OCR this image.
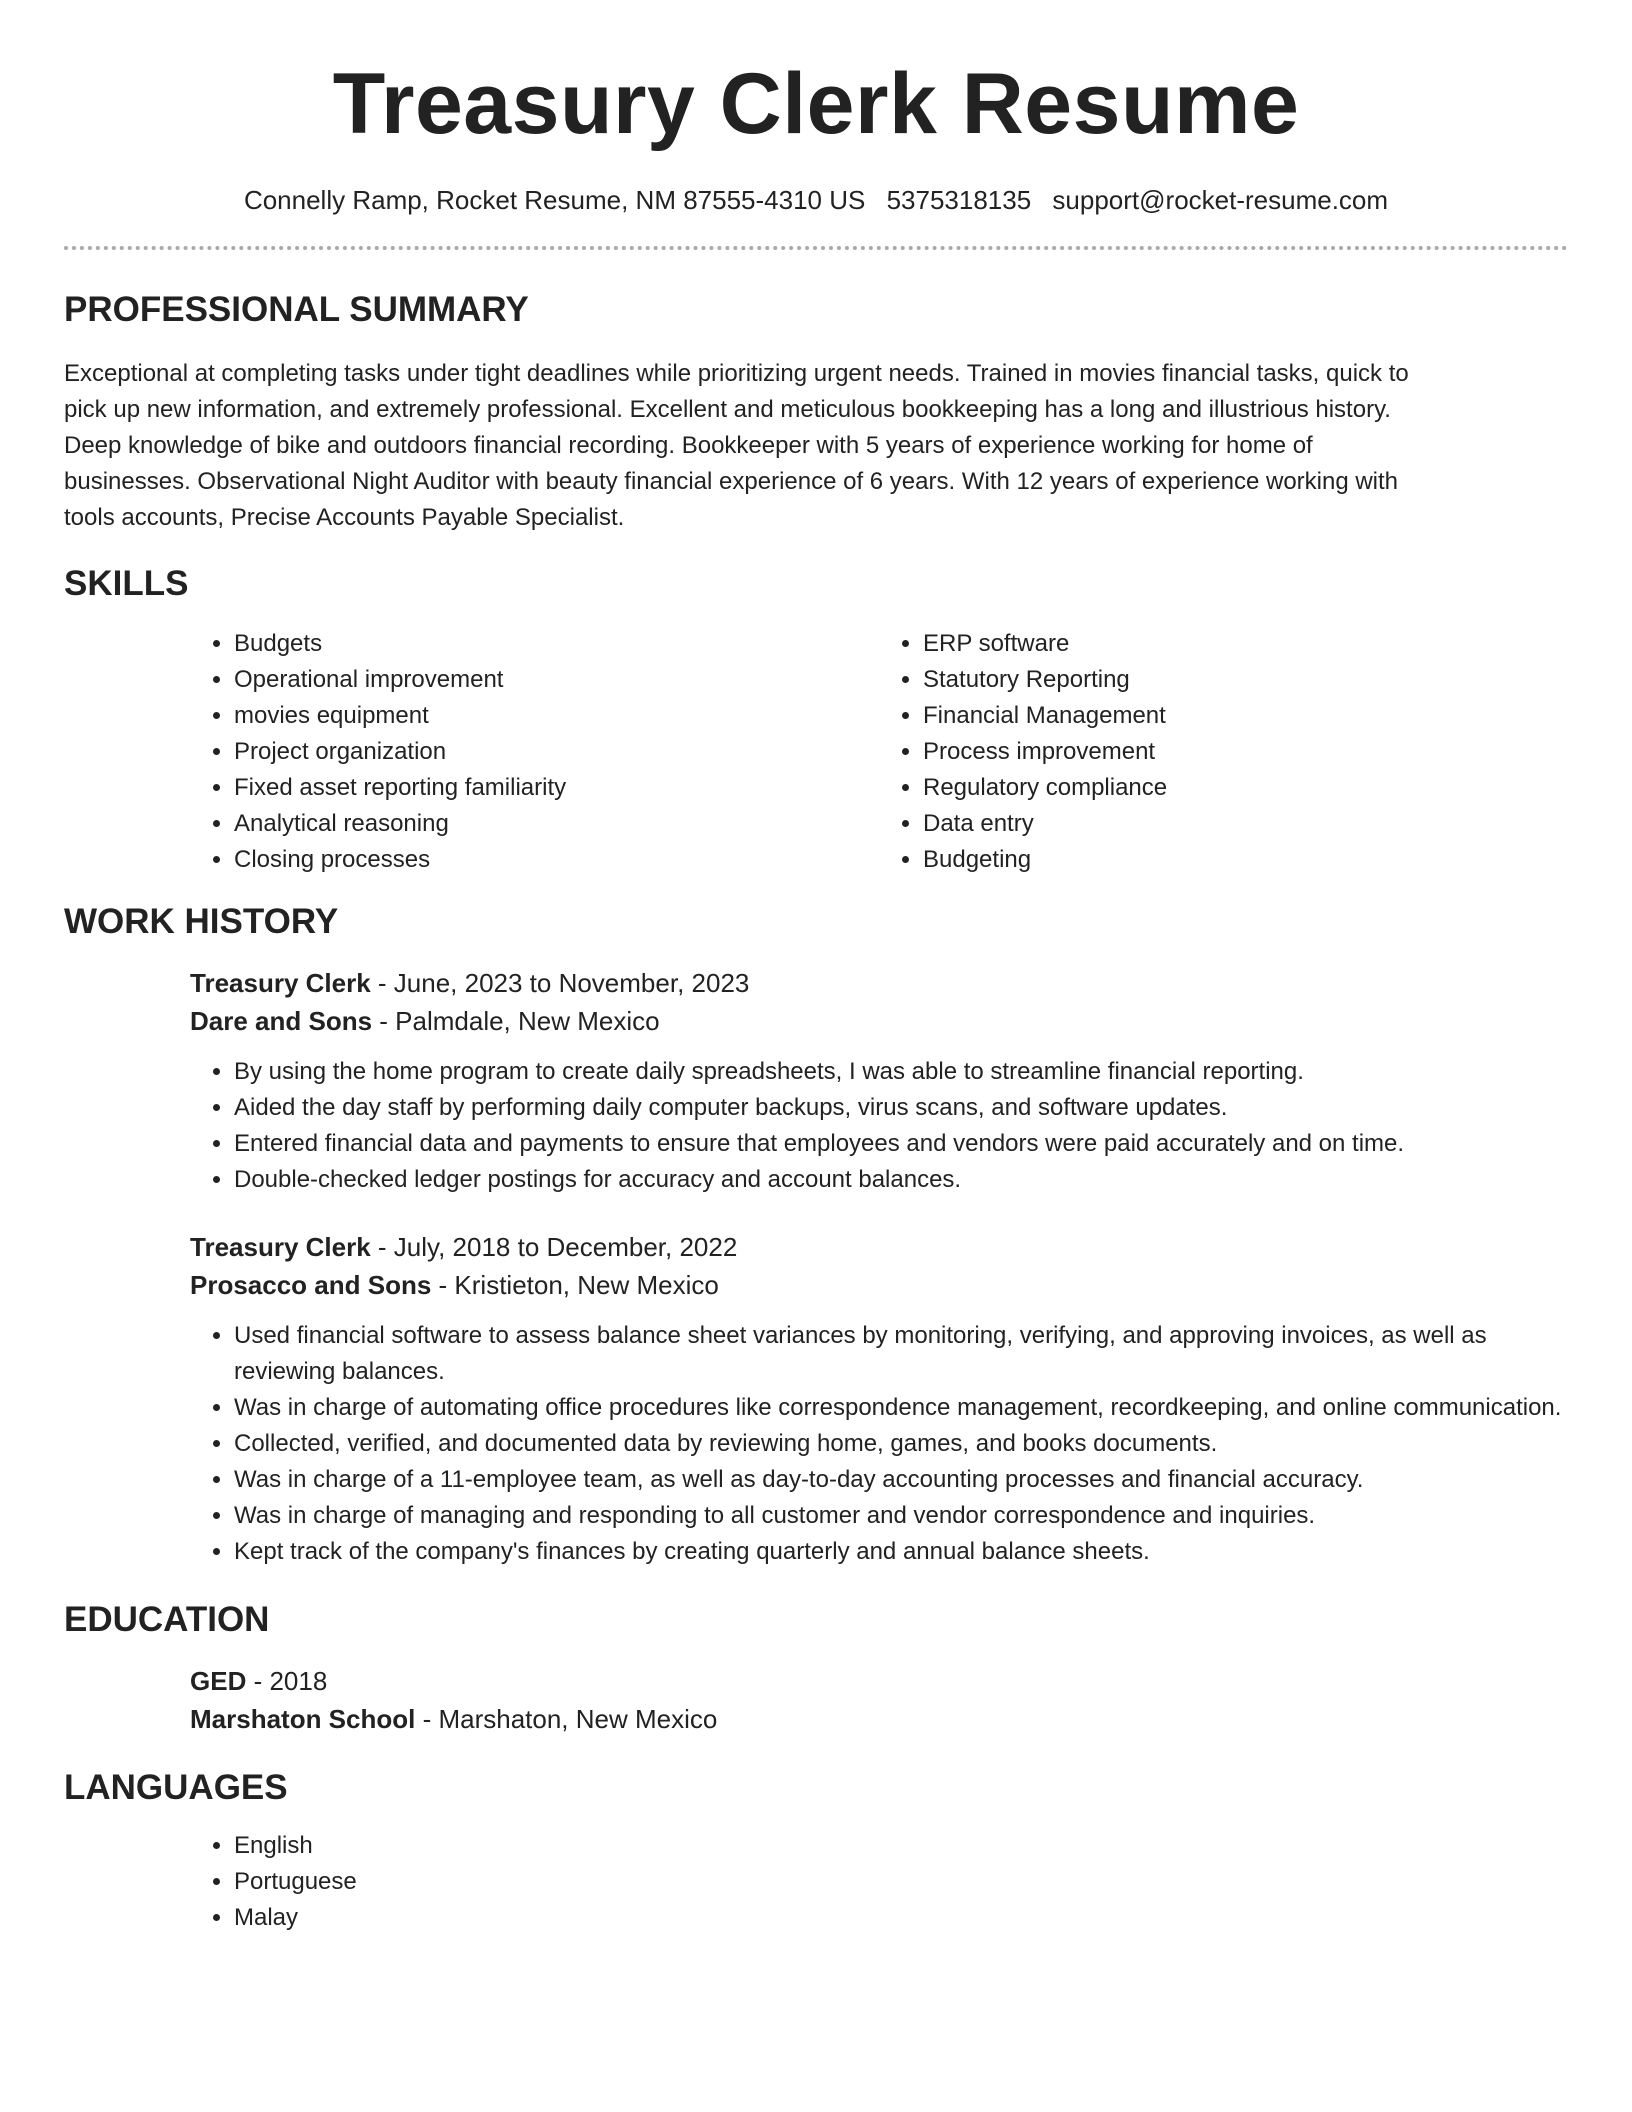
Treasury Clerk Resume
Connelly Ramp, Rocket Resume, NM 87555-4310 US 5375318135 support@rocket-resume.com
PROFESSIONAL SUMMARY

Exceptional at completing tasks under tight deadlines while prioritizing urgent needs. Trained in movies financial tasks, quick to pick up new information, and extremely professional. Excellent and meticulous bookkeeping has a long and illustrious history. Deep knowledge of bike and outdoors financial recording. Bookkeeper with 5 years of experience working for home of businesses. Observational Night Auditor with beauty financial experience of 6 years. With 12 years of experience working with tools accounts, Precise Accounts Payable Specialist.

SKILLS
• Budgets
• Operational improvement
• movies equipment
• Project organization
• Fixed asset reporting familiarity
• Analytical reasoning
• Closing processes
• ERP software
• Statutory Reporting
• Financial Management
• Process improvement
• Regulatory compliance
• Data entry
• Budgeting
WORK HISTORY

Treasury Clerk - June, 2023 to November, 2023

Dare and Sons - Palmdale, New Mexico

• By using the home program to create daily spreadsheets, I was able to streamline financial reporting.
• Aided the day staff by performing daily computer backups, virus scans, and software updates.
• Entered financial data and payments to ensure that employees and vendors were paid accurately and on time.
• Double-checked ledger postings for accuracy and account balances.

Treasury Clerk - July, 2018 to December, 2022

Prosacco and Sons - Kristieton, New Mexico

• Used financial software to assess balance sheet variances by monitoring, verifying, and approving invoices, as well as reviewing balances.
• Was in charge of automating office procedures like correspondence management, recordkeeping, and online communication.
• Collected, verified, and documented data by reviewing home, games, and books documents.
• Was in charge of a 11-employee team, as well as day-to-day accounting processes and financial accuracy.
• Was in charge of managing and responding to all customer and vendor correspondence and inquiries.
• Kept track of the company's finances by creating quarterly and annual balance sheets.
EDUCATION

GED - 2018

Marshaton School - Marshaton, New Mexico

LANGUAGES
• English
• Portuguese
• Malay
